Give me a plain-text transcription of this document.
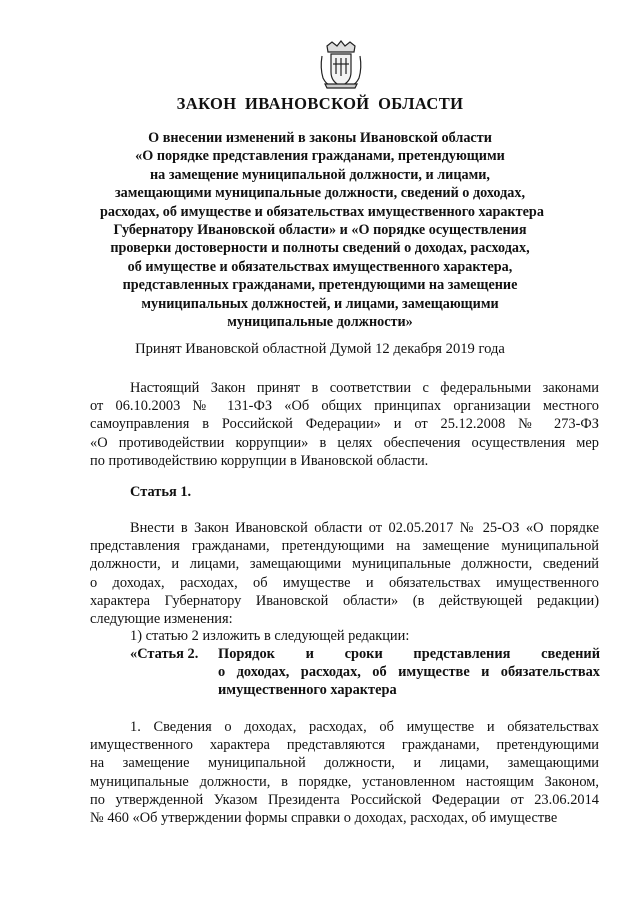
ЗАКОН ИВАНОВСКОЙ ОБЛАСТИ
О внесении изменений в законы Ивановской области
«О порядке представления гражданами, претендующими
на замещение муниципальной должности, и лицами,
замещающими муниципальные должности, сведений о доходах,
расходах, об имуществе и обязательствах имущественного характера
Губернатору Ивановской области» и «О порядке осуществления
проверки достоверности и полноты сведений о доходах, расходах,
об имуществе и обязательствах имущественного характера,
представленных гражданами, претендующими на замещение
муниципальных должностей, и лицами, замещающими
муниципальные должности»
Принят Ивановской областной Думой 12 декабря 2019 года
Настоящий Закон принят в соответствии с федеральными законами
от 06.10.2003 № 131-ФЗ «Об общих принципах организации местного
самоуправления в Российской Федерации» и от 25.12.2008 № 273-ФЗ
«О противодействии коррупции» в целях обеспечения осуществления мер
по противодействию коррупции в Ивановской области.
Статья 1.
Внести в Закон Ивановской области от 02.05.2017 № 25-ОЗ «О порядке
представления гражданами, претендующими на замещение муниципальной
должности, и лицами, замещающими муниципальные должности, сведений
о доходах, расходах, об имуществе и обязательствах имущественного
характера Губернатору Ивановской области» (в действующей редакции)
следующие изменения:
1) статью 2 изложить в следующей редакции:
«Статья 2. Порядок и сроки представления сведений
о доходах, расходах, об имуществе и обязательствах
имущественного характера
1. Сведения о доходах, расходах, об имуществе и обязательствах
имущественного характера представляются гражданами, претендующими
на замещение муниципальной должности, и лицами, замещающими
муниципальные должности, в порядке, установленном настоящим Законом,
по утвержденной Указом Президента Российской Федерации от 23.06.2014
№ 460 «Об утверждении формы справки о доходах, расходах, об имуществе
